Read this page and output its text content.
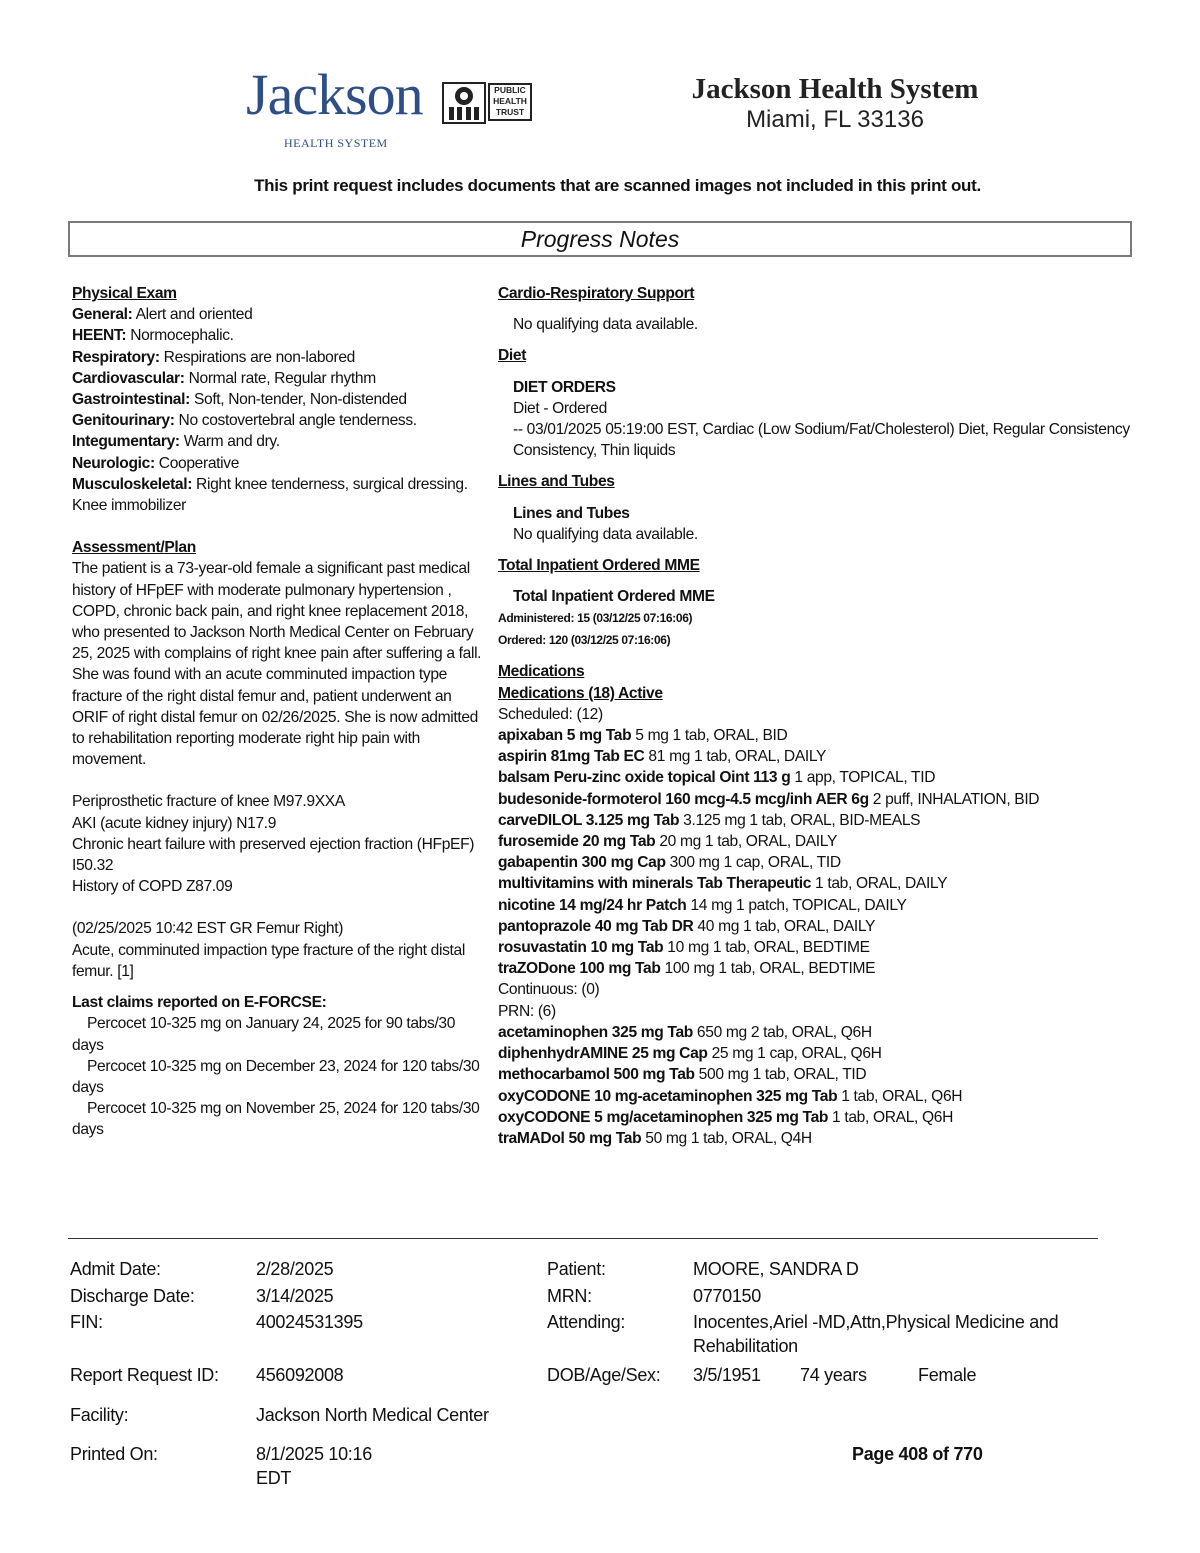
Jackson
HEALTH SYSTEM
PUBLIC
HEALTH
TRUST
Jackson Health System
Miami, FL 33136
This print request includes documents that are scanned images not included in this print out.
Progress Notes

Physical Exam

General: Alert and oriented

HEENT: Normocephalic.

Respiratory: Respirations are non-labored

Cardiovascular: Normal rate, Regular rhythm

Gastrointestinal: Soft, Non-tender, Non-distended

Genitourinary: No costovertebral angle tenderness.

Integumentary: Warm and dry.

Neurologic: Cooperative

Musculoskeletal: Right knee tenderness, surgical dressing. Knee immobilizer

Assessment/Plan

The patient is a 73-year-old female a significant past medical history of HFpEF with moderate pulmonary hypertension , COPD, chronic back pain, and right knee replacement 2018, who presented to Jackson North Medical Center on February 25, 2025 with complains of right knee pain after suffering a fall. She was found with an acute comminuted impaction type fracture of the right distal femur and, patient underwent an ORIF of right distal femur on 02/26/2025. She is now admitted to rehabilitation reporting moderate right hip pain with movement.

Periprosthetic fracture of knee M97.9XXA

AKI (acute kidney injury) N17.9

Chronic heart failure with preserved ejection fraction (HFpEF) I50.32

History of COPD Z87.09

(02/25/2025 10:42 EST GR Femur Right)

Acute, comminuted impaction type fracture of the right distal femur. [1]

Last claims reported on E-FORCSE:

Percocet 10-325 mg on January 24, 2025 for 90 tabs/30 days

Percocet 10-325 mg on December 23, 2024 for 120 tabs/30 days

Percocet 10-325 mg on November 25, 2024 for 120 tabs/30 days

Cardio-Respiratory Support

No qualifying data available.

Diet

DIET ORDERS

Diet - Ordered

-- 03/01/2025 05:19:00 EST, Cardiac (Low Sodium/Fat/Cholesterol) Diet, Regular Consistency Consistency, Thin liquids

Lines and Tubes

Lines and Tubes

No qualifying data available.

Total Inpatient Ordered MME

Total Inpatient Ordered MME

Administered: 15 (03/12/25 07:16:06)

Ordered: 120 (03/12/25 07:16:06)

Medications

Medications (18) Active

Scheduled: (12)

apixaban 5 mg Tab 5 mg 1 tab, ORAL, BID

aspirin 81mg Tab EC 81 mg 1 tab, ORAL, DAILY

balsam Peru-zinc oxide topical Oint 113 g 1 app, TOPICAL, TID

budesonide-formoterol 160 mcg-4.5 mcg/inh AER 6g 2 puff, INHALATION, BID

carveDILOL 3.125 mg Tab 3.125 mg 1 tab, ORAL, BID-MEALS

furosemide 20 mg Tab 20 mg 1 tab, ORAL, DAILY

gabapentin 300 mg Cap 300 mg 1 cap, ORAL, TID

multivitamins with minerals Tab Therapeutic 1 tab, ORAL, DAILY

nicotine 14 mg/24 hr Patch 14 mg 1 patch, TOPICAL, DAILY

pantoprazole 40 mg Tab DR 40 mg 1 tab, ORAL, DAILY

rosuvastatin 10 mg Tab 10 mg 1 tab, ORAL, BEDTIME

traZODone 100 mg Tab 100 mg 1 tab, ORAL, BEDTIME

Continuous: (0)

PRN: (6)

acetaminophen 325 mg Tab 650 mg 2 tab, ORAL, Q6H

diphenhydrAMINE 25 mg Cap 25 mg 1 cap, ORAL, Q6H

methocarbamol 500 mg Tab 500 mg 1 tab, ORAL, TID

oxyCODONE 10 mg-acetaminophen 325 mg Tab 1 tab, ORAL, Q6H

oxyCODONE 5 mg/acetaminophen 325 mg Tab 1 tab, ORAL, Q6H

traMADol 50 mg Tab 50 mg 1 tab, ORAL, Q4H

Admit Date:	2/28/2025
Discharge Date:	3/14/2025
FIN:	40024531395
Report Request ID: 456092008
Facility:	Jackson North Medical Center
Printed On:	8/1/2025 10:16
EDT
Patient:	MOORE, SANDRA D
MRN:	0770150
Attending:	Inocentes,Ariel -MD,Attn,Physical Medicine and
Rehabilitation
DOB/Age/Sex: 3/5/1951 74 years	Female
Page 408 of 770
